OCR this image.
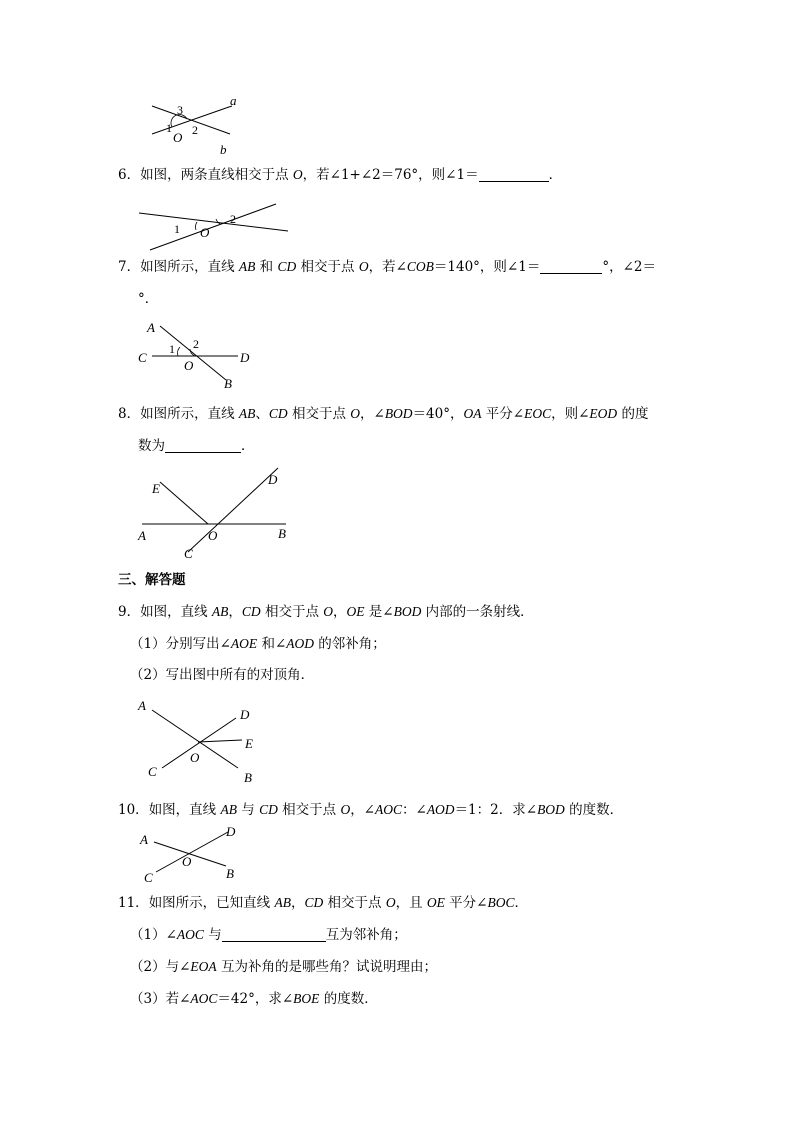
a
b
3
1 2
O
6．如图，两条直线相交于点 O，若∠1+∠2＝76°，则∠1＝	．
1
2
O
7．如图所示，直线 AB 和 CD 相交于点 O，若∠COB＝140°，则∠1＝	°，∠2＝
°．
A
C	D
B
1 2
O
8．如图所示，直线 AB、CD 相交于点 O，∠BOD＝40°，OA 平分∠EOC，则∠EOD 的度
数为	．
E
D
A	B
O
C
三、解答题
9．如图，直线 AB，CD 相交于点 O，OE 是∠BOD 内部的一条射线．
（1）分别写出∠AOE 和∠AOD 的邻补角；
（2）写出图中所有的对顶角．
A
D
E
O
C	B
10．如图，直线 AB 与 CD 相交于点 O，∠AOC：∠AOD＝1：2．求∠BOD 的度数．
A
D
O
C	B
11．如图所示，已知直线 AB，CD 相交于点 O，且 OE 平分∠BOC．
（1）∠AOC 与	互为邻补角；
（2）与∠EOA 互为补角的是哪些角？试说明理由；
（3）若∠AOC＝42°，求∠BOE 的度数．
